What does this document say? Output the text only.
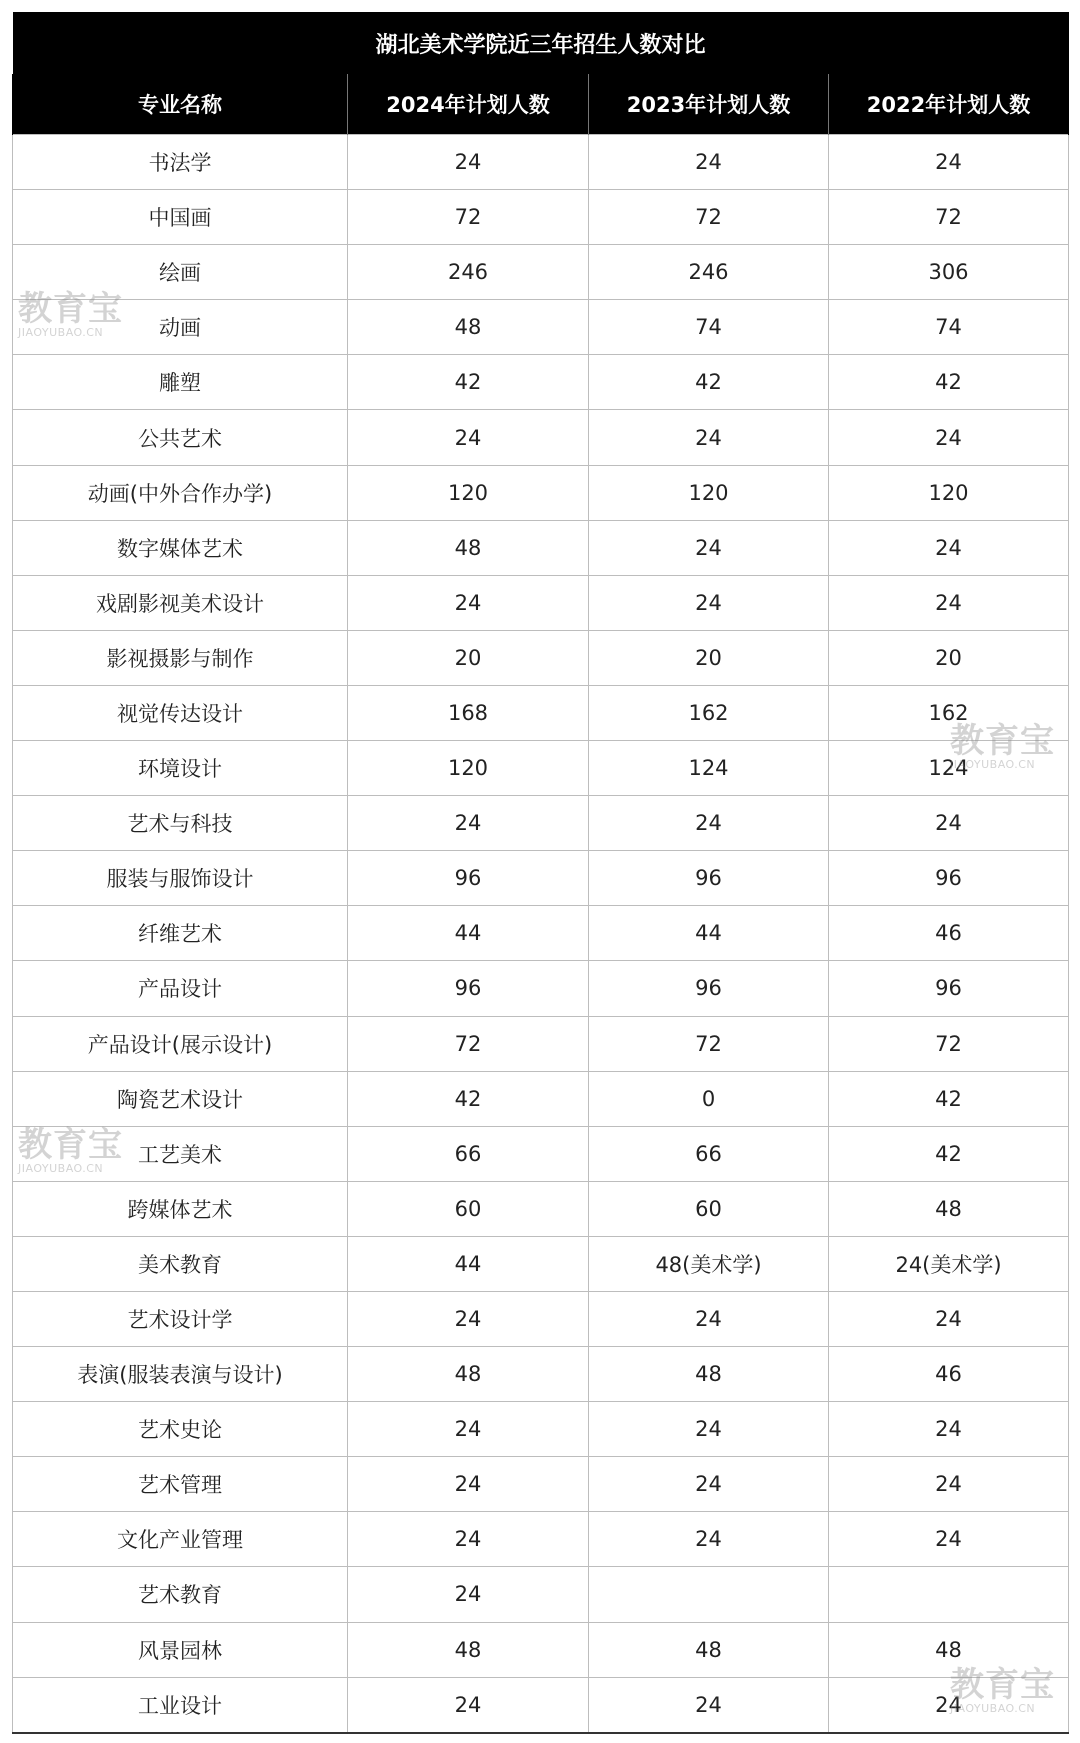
湖北美术学院近三年招生人数对比			
专业名称	2024年计划人数	2023年计划人数	2022年计划人数
书法学	24	24	24
中国画	72	72	72
绘画	246	246	306
动画	48	74	74
雕塑	42	42	42
公共艺术	24	24	24
动画(中外合作办学)	120	120	120
数字媒体艺术	48	24	24
戏剧影视美术设计	24	24	24
影视摄影与制作	20	20	20
视觉传达设计	168	162	162
环境设计	120	124	124
艺术与科技	24	24	24
服装与服饰设计	96	96	96
纤维艺术	44	44	46
产品设计	96	96	96
产品设计(展示设计)	72	72	72
陶瓷艺术设计	42	0	42
工艺美术	66	66	42
跨媒体艺术	60	60	48
美术教育	44	48(美术学)	24(美术学)
艺术设计学	24	24	24
表演(服装表演与设计)	48	48	46
艺术史论	24	24	24
艺术管理	24	24	24
文化产业管理	24	24	24
艺术教育	24		
风景园林	48	48	48
工业设计	24	24	24
教育宝
JIAOYUBAO.CN
教育宝
JIAOYUBAO.CN
教育宝
JIAOYUBAO.CN
教育宝
JIAOYUBAO.CN
